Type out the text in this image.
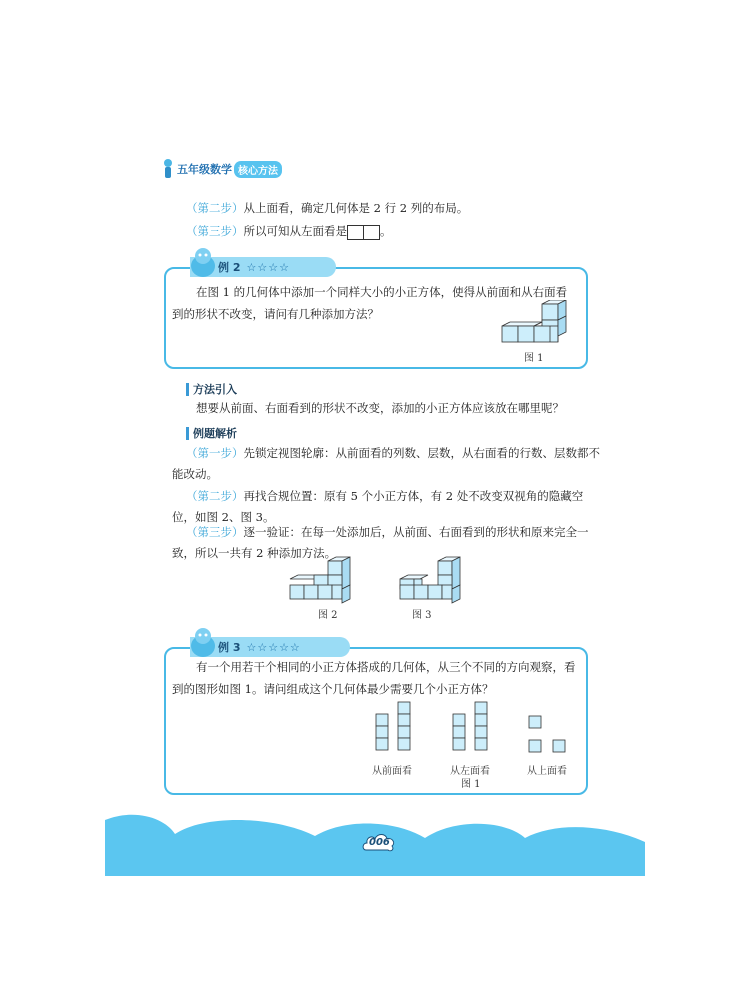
五年级数学 核心方法
（第二步）从上面看，确定几何体是 2 行 2 列的布局。
（第三步）所以可知从左面看是	。
例 2 ☆☆☆☆
在图 1 的几何体中添加一个同样大小的小正方体，使得从前面和从右面看
到的形状不改变，请问有几种添加方法？
图 1
方法引入
想要从前面、右面看到的形状不改变，添加的小正方体应该放在哪里呢？
例题解析
（第一步）先锁定视图轮廓：从前面看的列数、层数，从右面看的行数、层数都不
能改动。
（第二步）再找合规位置：原有 5 个小正方体，有 2 处不改变双视角的隐藏空
位，如图 2、图 3。
（第三步）逐一验证：在每一处添加后，从前面、右面看到的形状和原来完全一
致，所以一共有 2 种添加方法。
图 2	图 3
例 3 ☆☆☆☆☆
有一个用若干个相同的小正方体搭成的几何体，从三个不同的方向观察，看
到的图形如图 1。请问组成这个几何体最少需要几个小正方体？
从前面看	从左面看	从上面看
图 1
006
